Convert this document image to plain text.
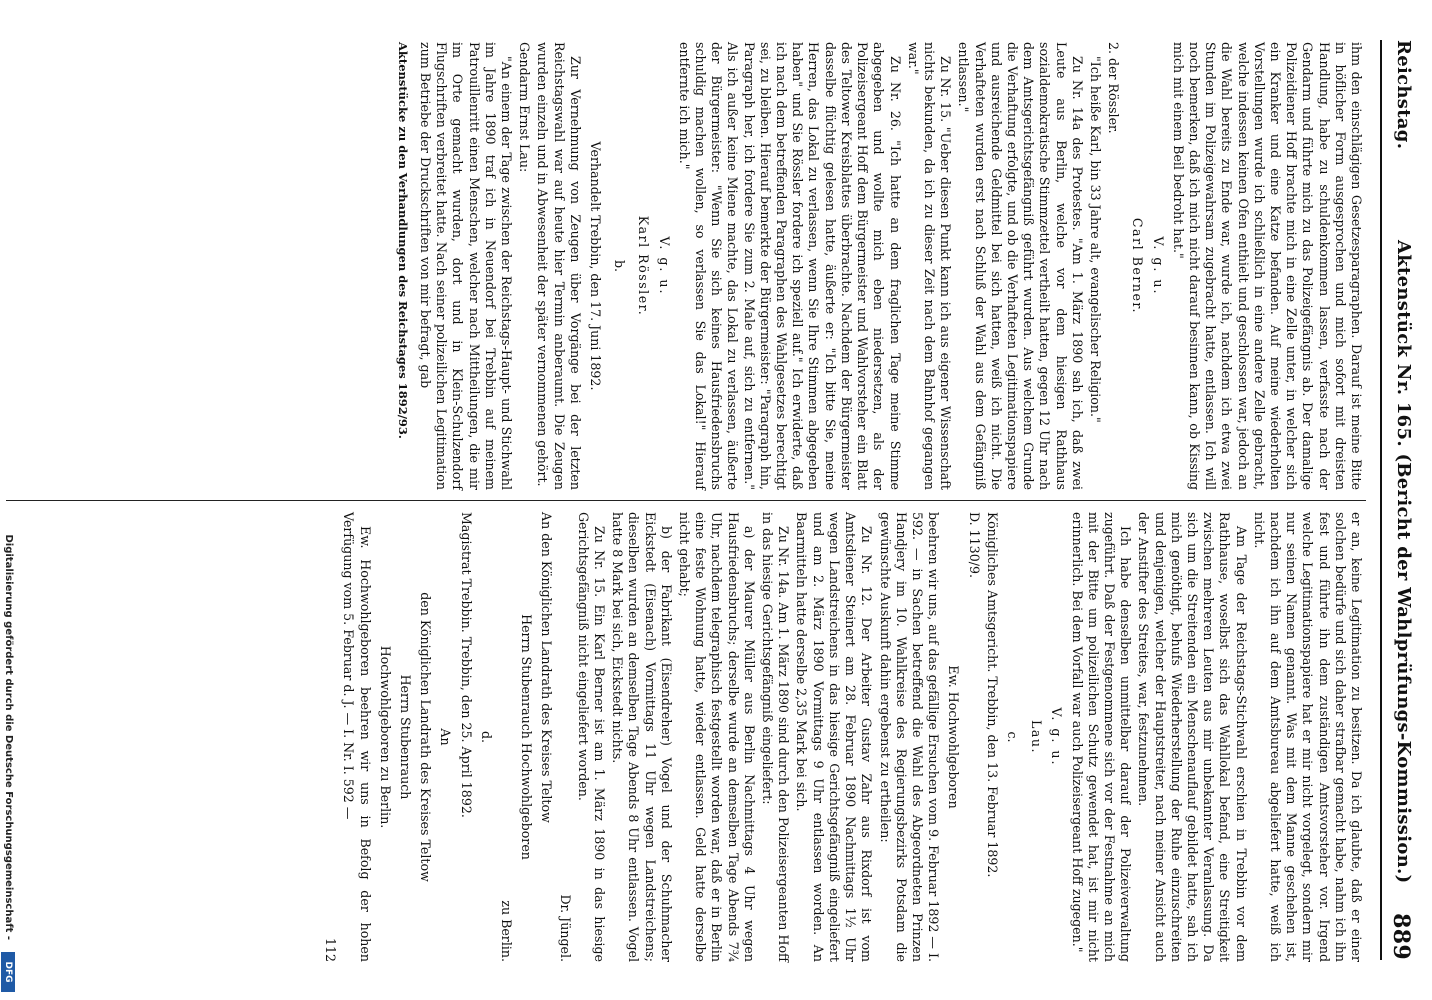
Reichstag.
Aktenstück Nr. 165. (Bericht der Wahlprüfungs-Kommission.)
889

ihm den einschlägigen Gesetzesparagraphen. Darauf ist meine Bitte in höflicher Form ausgesprochen und mich sofort mit dreisten Handlung, habe zu schuldenkommen lassen, verfasste nach der Gendarm und führte mich zu das Polizeigefängnis ab. Der damalige Polizeidiener Hoff brachte mich in eine Zelle unter, in welcher sich ein Kranker und eine Katze befanden. Auf meine wiederholten Vorstellungen wurde ich schließlich in eine andere Zelle gebracht, welche indessen keinen Ofen enthielt und geschlossen war, jedoch an die Wahl bereits zu Ende war, wurde ich, nachdem ich etwa zwei Stunden im Polizeigewahrsam zugebracht hatte, entlassen. Ich will noch bemerken, daß ich mich nicht darauf besinnen kann, ob Kissing mich mit einem Beil bedroht hat."

V. g. u.
Carl Berner.

2. der Rössler.

"Ich heiße Karl, bin 33 Jahre alt, evangelischer Religion."

Zu Nr. 14a des Protestes. "Am 1. März 1890 sah ich, daß zwei Leute aus Berlin, welche vor dem hiesigen Rathhaus sozialdemokratische Stimmzettel vertheilt hatten, gegen 12 Uhr nach dem Amtsgerichtsgefängniß geführt wurden. Aus welchem Grunde die Verhaftung erfolgte, und ob die Verhafteten Legitimationspapiere und ausreichende Geldmittel bei sich hatten, weiß ich nicht. Die Verhafteten wurden erst nach Schluß der Wahl aus dem Gefängniß entlassen."

Zu Nr. 15. "Ueber diesen Punkt kann ich aus eigener Wissenschaft nichts bekunden, da ich zu dieser Zeit nach dem Bahnhof gegangen war."

Zu Nr. 26. "Ich hatte an dem fraglichen Tage meine Stimme abgegeben und wollte mich eben niedersetzen, als der Polizeisergeant Hoff dem Bürgermeister und Wahlvorsteher ein Blatt des Teltower Kreisblattes überbrachte. Nachdem der Bürgermeister dasselbe flüchtig gelesen hatte, äußerte er: "Ich bitte Sie, meine Herren, das Lokal zu verlassen, wenn Sie Ihre Stimmen abgegeben haben" und Sie Rössler fordere ich speziell auf." Ich erwiderte, daß ich nach dem betreffenden Paragraphen des Wahlgesetzes berechtigt sei, zu bleiben. Hierauf bemerkte der Bürgermeister: "Paragraph hin, Paragraph her, ich fordere Sie zum 2. Male auf, sich zu entfernen." Als ich außer keine Miene machte, das Lokal zu verlassen, äußerte der Bürgermeister: "Wenn Sie sich keines Hausfriedensbruchs schuldig machen wollen, so verlassen Sie das Lokal!" Hierauf entfernte ich mich."

V. g. u.
Karl Rössler.
b.
Verhandelt Trebbin, den 17. Juni 1892.

Zur Vernehmung von Zeugen über Vorgänge bei der letzten Reichstagswahl war auf heute hier Termin anberaumt. Die Zeugen wurden einzeln und in Abwesenheit der später vernommenen gehört.

Gendarm Ernst Lau:

"An einem der Tage zwischen der Reichstags-Haupt- und Stichwahl im Jahre 1890 traf ich in Neuendorf bei Trebbin auf meinem Patrouillenritt einen Menschen, welcher nach Mittheilungen, die mir im Orte gemacht wurden, dort und in Klein-Schulzendorf Flugschriften verbreitet hatte. Nach seiner polizeilichen Legitimation zum Betriebe der Druckschriften von mir befragt, gab

Aktenstücke zu den Verhandlungen des Reichstages 1892/93.

er an, keine Legitimation zu besitzen. Da ich glaubte, daß er einer solchen bedürfe und sich daher strafbar gemacht habe, nahm ich ihn fest und führte ihn dem zuständigen Amtsvorsteher vor. Irgend welche Legitimationspapiere hat er mir nicht vorgelegt, sondern mir nur seinen Namen genannt. Was mit dem Manne geschehen ist, nachdem ich ihn auf dem Amtsbureau abgeliefert hatte, weiß ich nicht.

Am Tage der Reichstags-Stichwahl erschien in Trebbin vor dem Rathhause, woselbst sich das Wahllokal befand, eine Streitigkeit zwischen mehreren Leuten aus mir unbekannter Veranlassung. Da sich um die Streitenden ein Menschenauflauf gebildet hatte, sah ich mich genöthigt, behufs Wiederherstellung der Ruhe einzuschreiten und denjenigen, welcher der Hauptstreiter, nach meiner Ansicht auch der Anstifter des Streites, war, festzunehmen.

Ich habe denselben unmittelbar darauf der Polizeiverwaltung zugeführt. Daß der Festgenommene sich vor der Festnahme an mich mit der Bitte um polizeilichen Schutz gewendet hat, ist mir nicht erinnerlich. Bei dem Vorfall war auch Polizeisergeant Hoff zugegen."

V. g. u.
Lau.
c.

Königliches Amtsgericht. Trebbin, den 13. Februar 1892.

D. 1130/9.

Ew. Hochwohlgeboren

beehren wir uns, auf das gefällige Ersuchen vom 9. Februar 1892 — I. 592. — in Sachen betreffend die Wahl des Abgeordneten Prinzen Handjery im 10. Wahlkreise des Regierungsbezirks Potsdam die gewünschte Auskunft dahin ergebenst zu ertheilen:

Zu Nr. 12. Der Arbeiter Gustav Zahr aus Rixdorf ist vom Amtsdiener Steinert am 28. Februar 1890 Nachmittags 1½ Uhr wegen Landstreichens in das hiesige Gerichtsgefängniß eingeliefert und am 2. März 1890 Vormittags 9 Uhr entlassen worden. An Baarmitteln hatte derselbe 2,35 Mark bei sich.

Zu Nr. 14a. Am 1. März 1890 sind durch den Polizeisergeanten Hoff in das hiesige Gerichtsgefängniß eingeliefert:

a) der Maurer Müller aus Berlin Nachmittags 4 Uhr wegen Hausfriedensbruchs; derselbe wurde an demselben Tage Abends 7¾ Uhr, nachdem telegraphisch festgestellt worden war, daß er in Berlin eine feste Wohnung hatte, wieder entlassen. Geld hatte derselbe nicht gehabt;

b) der Fabrikant (Eisendreher) Vogel und der Schuhmacher Eickstedt (Eisenach) Vormittags 11 Uhr wegen Landstreichens; dieselben wurden an demselben Tage Abends 8 Uhr entlassen. Vogel hatte 8 Mark bei sich, Eickstedt nichts.

Zu Nr. 15. Ein Karl Berner ist am 1. März 1890 in das hiesige Gerichtsgefängniß nicht eingeliefert worden.

Dr. Jüngel.

An den Königlichen Landrath des Kreises Teltow

Herrn Stubenrauch Hochwohlgeboren
zu Berlin.
d.

Magistrat Trebbin. Trebbin, den 25. April 1892.

An
den Königlichen Landrath des Kreises Teltow
Herrn Stubenrauch
Hochwohlgeboren zu Berlin.

Ew. Hochwohlgeboren beehren wir uns in Befolg der hohen Verfügung vom 5. Februar d. J. — I. Nr. I. 592 —

112
Digitalisierung gefördert durch die Deutsche Forschungsgemeinschaft -
DFG
